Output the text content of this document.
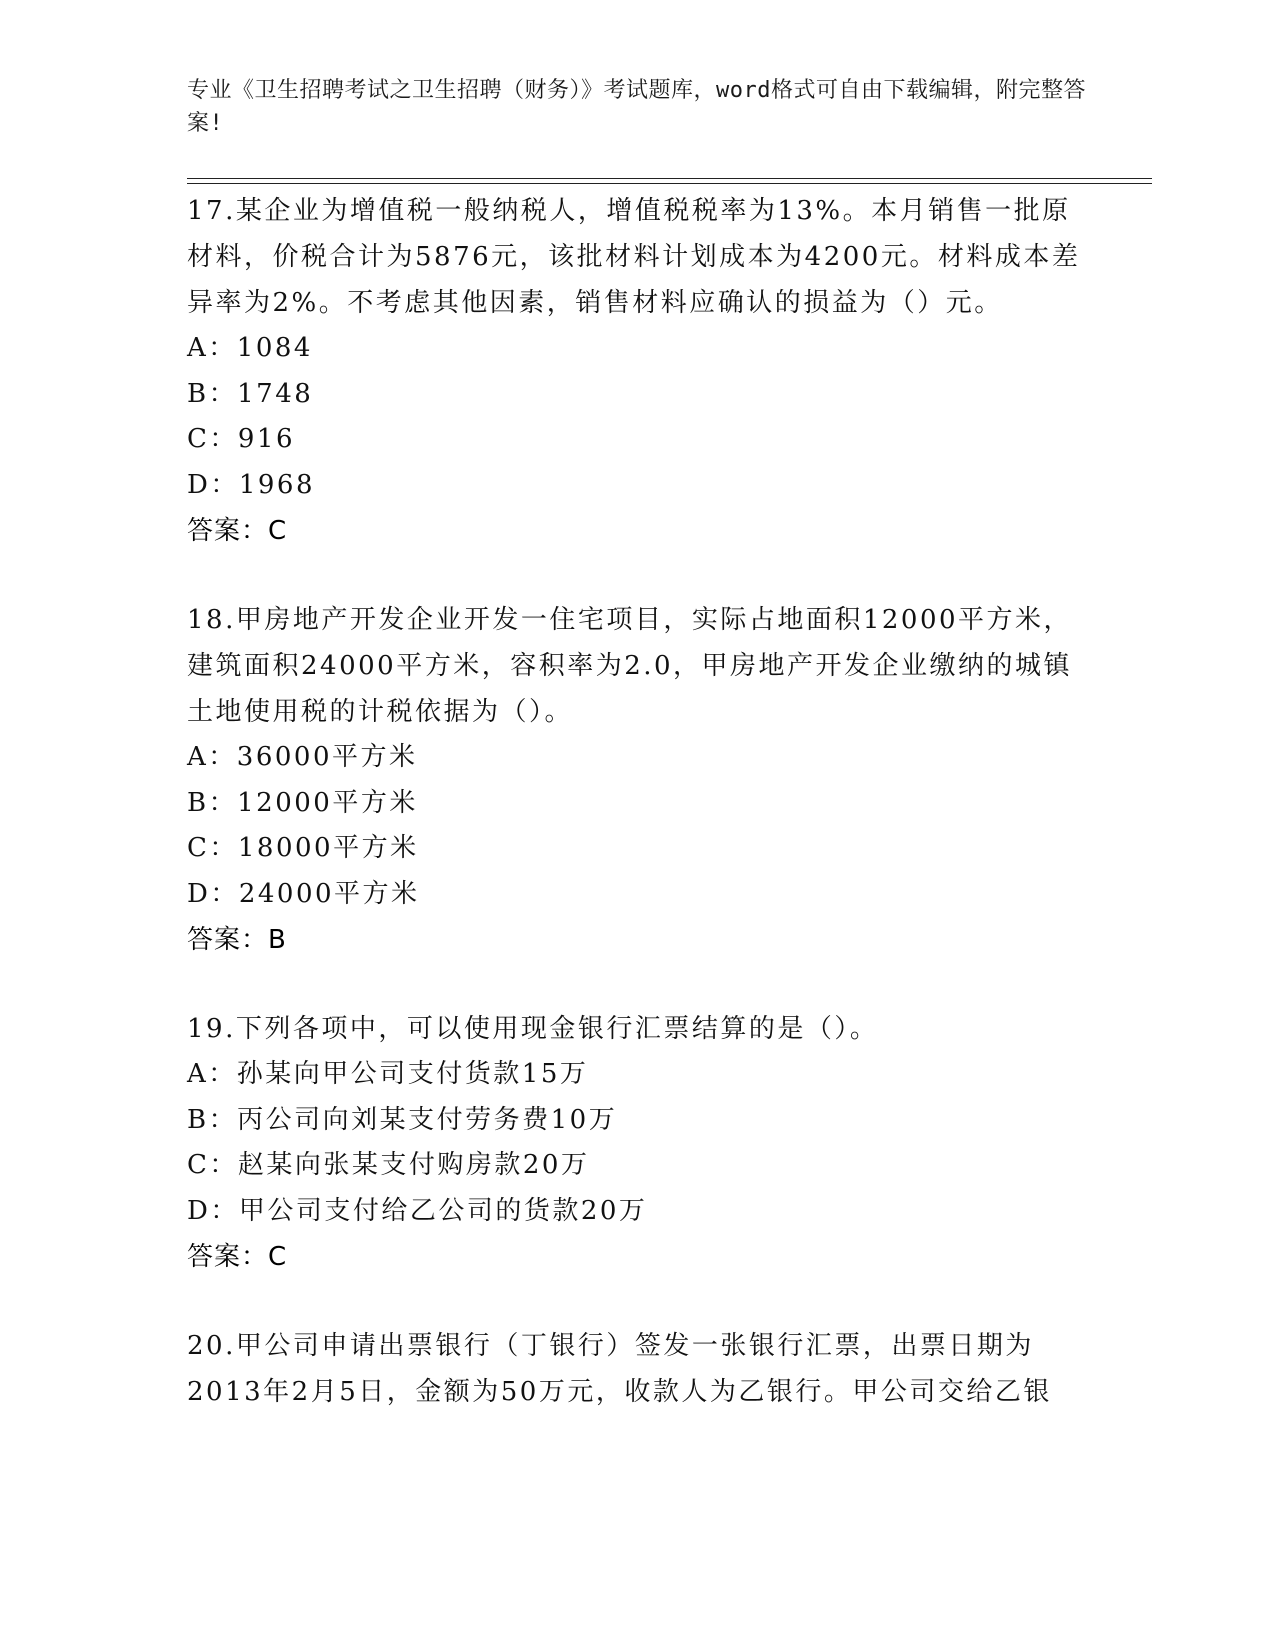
专业《卫生招聘考试之卫生招聘（财务）》考试题库，word格式可自由下载编辑，附完整答案!
17.某企业为增值税一般纳税人，增值税税率为13%。本月销售一批原材料，价税合计为5876元，该批材料计划成本为4200元。材料成本差异率为2%。不考虑其他因素，销售材料应确认的损益为（）元。
A：1084
B：1748
C：916
D：1968
答案：C
18.甲房地产开发企业开发一住宅项目，实际占地面积12000平方米，建筑面积24000平方米，容积率为2.0，甲房地产开发企业缴纳的城镇土地使用税的计税依据为（）。
A：36000平方米
B：12000平方米
C：18000平方米
D：24000平方米
答案：B
19.下列各项中，可以使用现金银行汇票结算的是（）。
A：孙某向甲公司支付货款15万
B：丙公司向刘某支付劳务费10万
C：赵某向张某支付购房款20万
D：甲公司支付给乙公司的货款20万
答案：C
20.甲公司申请出票银行（丁银行）签发一张银行汇票，出票日期为2013年2月5日，金额为50万元，收款人为乙银行。甲公司交给乙银
